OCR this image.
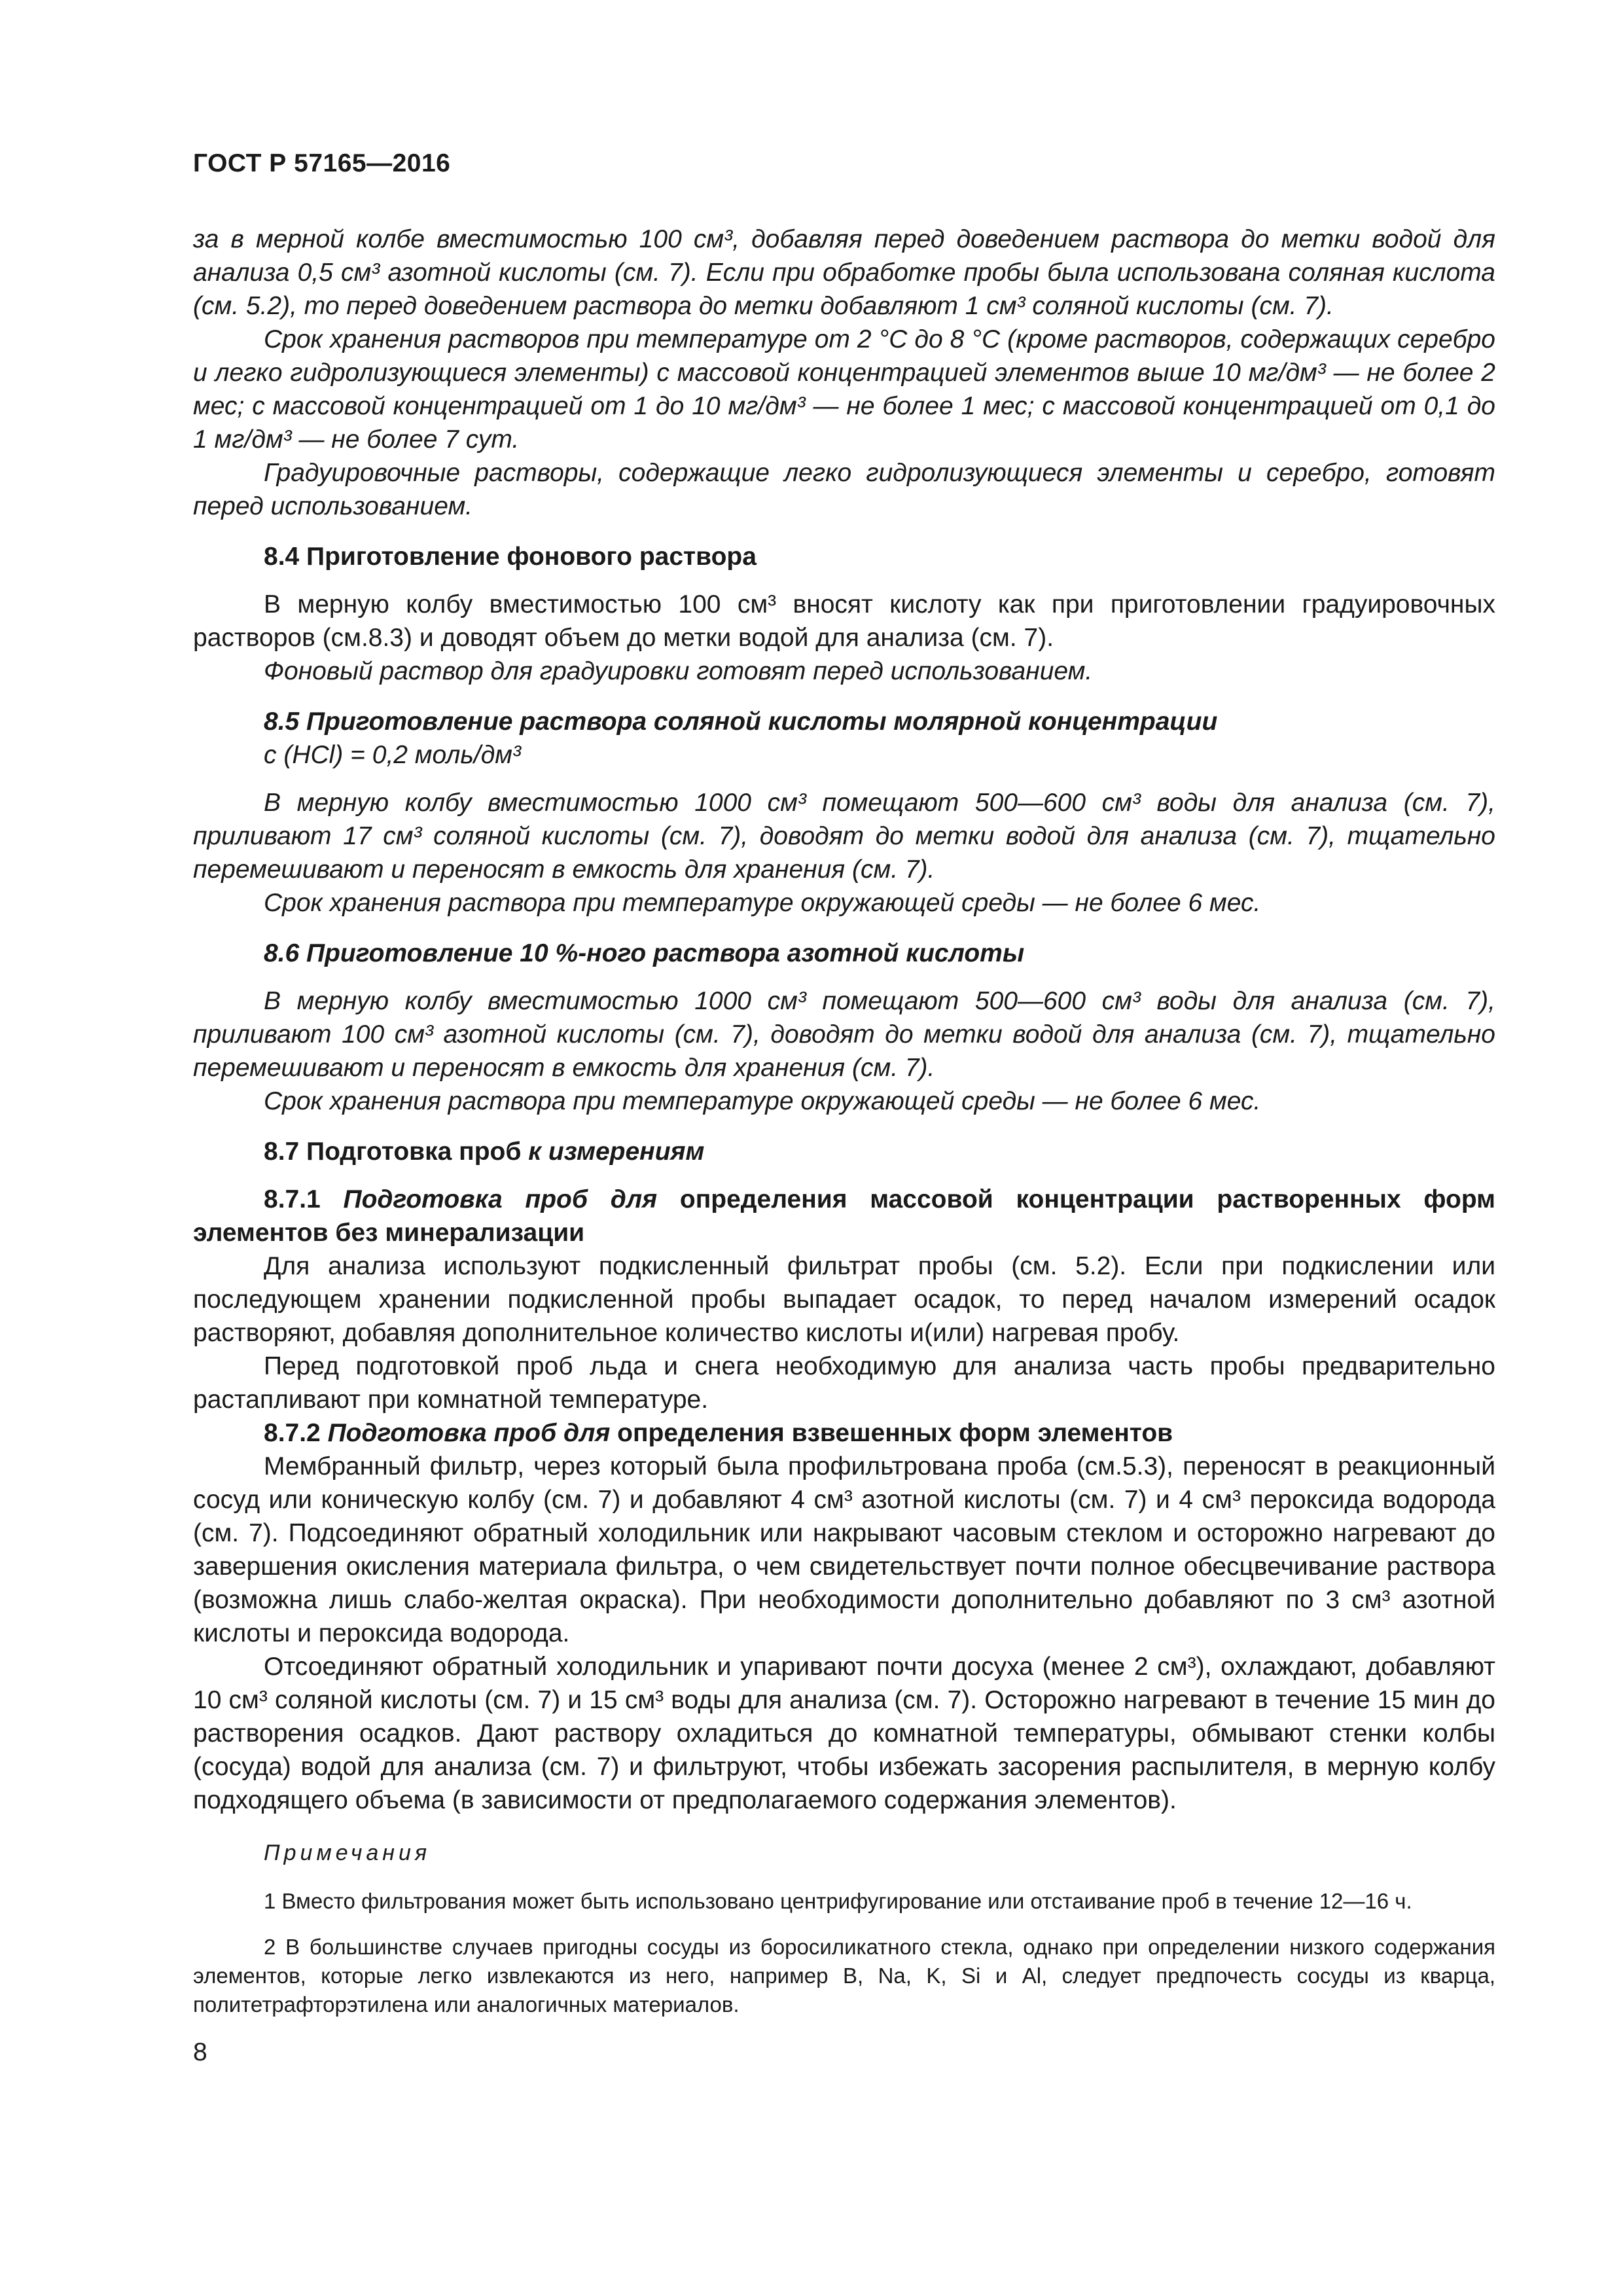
ГОСТ Р 57165—2016

за в мерной колбе вместимостью 100 см³, добавляя перед доведением раствора до метки водой для анализа 0,5 см³ азотной кислоты (см. 7). Если при обработке пробы была использована соляная кислота (см. 5.2), то перед доведением раствора до метки добавляют 1 см³ соляной кислоты (см. 7).

Срок хранения растворов при температуре от 2 °С до 8 °С (кроме растворов, содержащих серебро и легко гидролизующиеся элементы) с массовой концентрацией элементов выше 10 мг/дм³ — не более 2 мес; с массовой концентрацией от 1 до 10 мг/дм³ — не более 1 мес; с массовой концентрацией от 0,1 до 1 мг/дм³ — не более 7 сут.

Градуировочные растворы, содержащие легко гидролизующиеся элементы и серебро, готовят перед использованием.

8.4 Приготовление фонового раствора

В мерную колбу вместимостью 100 см³ вносят кислоту как при приготовлении градуировочных растворов (см.8.3) и доводят объем до метки водой для анализа (см. 7).

Фоновый раствор для градуировки готовят перед использованием.

8.5 Приготовление раствора соляной кислоты молярной концентрации

с (HCl) = 0,2 моль/дм³

В мерную колбу вместимостью 1000 см³ помещают 500—600 см³ воды для анализа (см. 7), приливают 17 см³ соляной кислоты (см. 7), доводят до метки водой для анализа (см. 7), тщательно перемешивают и переносят в емкость для хранения (см. 7).

Срок хранения раствора при температуре окружающей среды — не более 6 мес.

8.6 Приготовление 10 %-ного раствора азотной кислоты

В мерную колбу вместимостью 1000 см³ помещают 500—600 см³ воды для анализа (см. 7), приливают 100 см³ азотной кислоты (см. 7), доводят до метки водой для анализа (см. 7), тщательно перемешивают и переносят в емкость для хранения (см. 7).

Срок хранения раствора при температуре окружающей среды — не более 6 мес.

8.7 Подготовка проб к измерениям

8.7.1 Подготовка проб для определения массовой концентрации растворенных форм элементов без минерализации

Для анализа используют подкисленный фильтрат пробы (см. 5.2). Если при подкислении или последующем хранении подкисленной пробы выпадает осадок, то перед началом измерений осадок растворяют, добавляя дополнительное количество кислоты и(или) нагревая пробу.

Перед подготовкой проб льда и снега необходимую для анализа часть пробы предварительно растапливают при комнатной температуре.

8.7.2 Подготовка проб для определения взвешенных форм элементов

Мембранный фильтр, через который была профильтрована проба (см.5.3), переносят в реакционный сосуд или коническую колбу (см. 7) и добавляют 4 см³ азотной кислоты (см. 7) и 4 см³ пероксида водорода (см. 7). Подсоединяют обратный холодильник или накрывают часовым стеклом и осторожно нагревают до завершения окисления материала фильтра, о чем свидетельствует почти полное обесцвечивание раствора (возможна лишь слабо-желтая окраска). При необходимости дополнительно добавляют по 3 см³ азотной кислоты и пероксида водорода.

Отсоединяют обратный холодильник и упаривают почти досуха (менее 2 см³), охлаждают, добавляют 10 см³ соляной кислоты (см. 7) и 15 см³ воды для анализа (см. 7). Осторожно нагревают в течение 15 мин до растворения осадков. Дают раствору охладиться до комнатной температуры, обмывают стенки колбы (сосуда) водой для анализа (см. 7) и фильтруют, чтобы избежать засорения распылителя, в мерную колбу подходящего объема (в зависимости от предполагаемого содержания элементов).

Примечания

1 Вместо фильтрования может быть использовано центрифугирование или отстаивание проб в течение 12—16 ч.

2 В большинстве случаев пригодны сосуды из боросиликатного стекла, однако при определении низкого содержания элементов, которые легко извлекаются из него, например B, Na, K, Si и Al, следует предпочесть сосуды из кварца, политетрафторэтилена или аналогичных материалов.

8
